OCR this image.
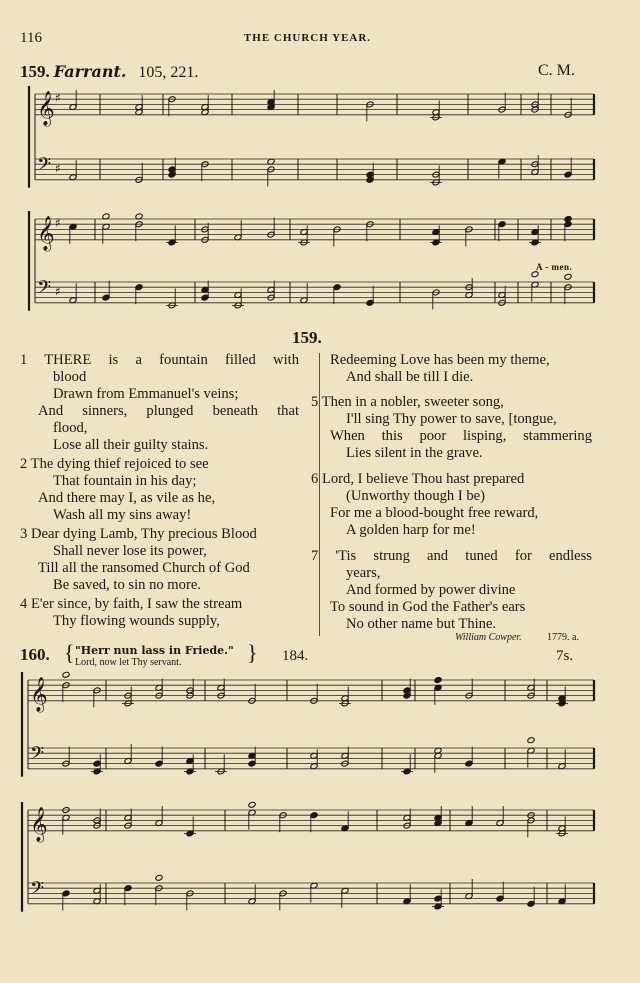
116	THE CHURCH YEAR.
159. Farrant. 105, 221.	C. M.
𝄞 ♯
𝄢 ♯
𝄞 ♯
𝄢 ♯
A - men.
159.
1 THERE is a fountain filled with
blood
Drawn from Emmanuel's veins;
And sinners, plunged beneath that
flood,
Lose all their guilty stains.
2 The dying thief rejoiced to see
That fountain in his day;
And there may I, as vile as he,
Wash all my sins away!
3 Dear dying Lamb, Thy precious Blood
Shall never lose its power,
Till all the ransomed Church of God
Be saved, to sin no more.
4 E'er since, by faith, I saw the stream
Thy flowing wounds supply,
Redeeming Love has been my theme,
And shall be till I die.
5 Then in a nobler, sweeter song,
I'll sing Thy power to save, [tongue,
When this poor lisping, stammering
Lies silent in the grave.
6 Lord, I believe Thou hast prepared
(Unworthy though I be)
For me a blood-bought free reward,
A golden harp for me!
7 'Tis strung and tuned for endless
years,
And formed by power divine
To sound in God the Father's ears
No other name but Thine.
William Cowper.	1779. a.
160. { "Herr nun lass in Friede."
Lord, now let Thy servant.	} 184.	7s.
𝄞
𝄢
𝄞
𝄢
